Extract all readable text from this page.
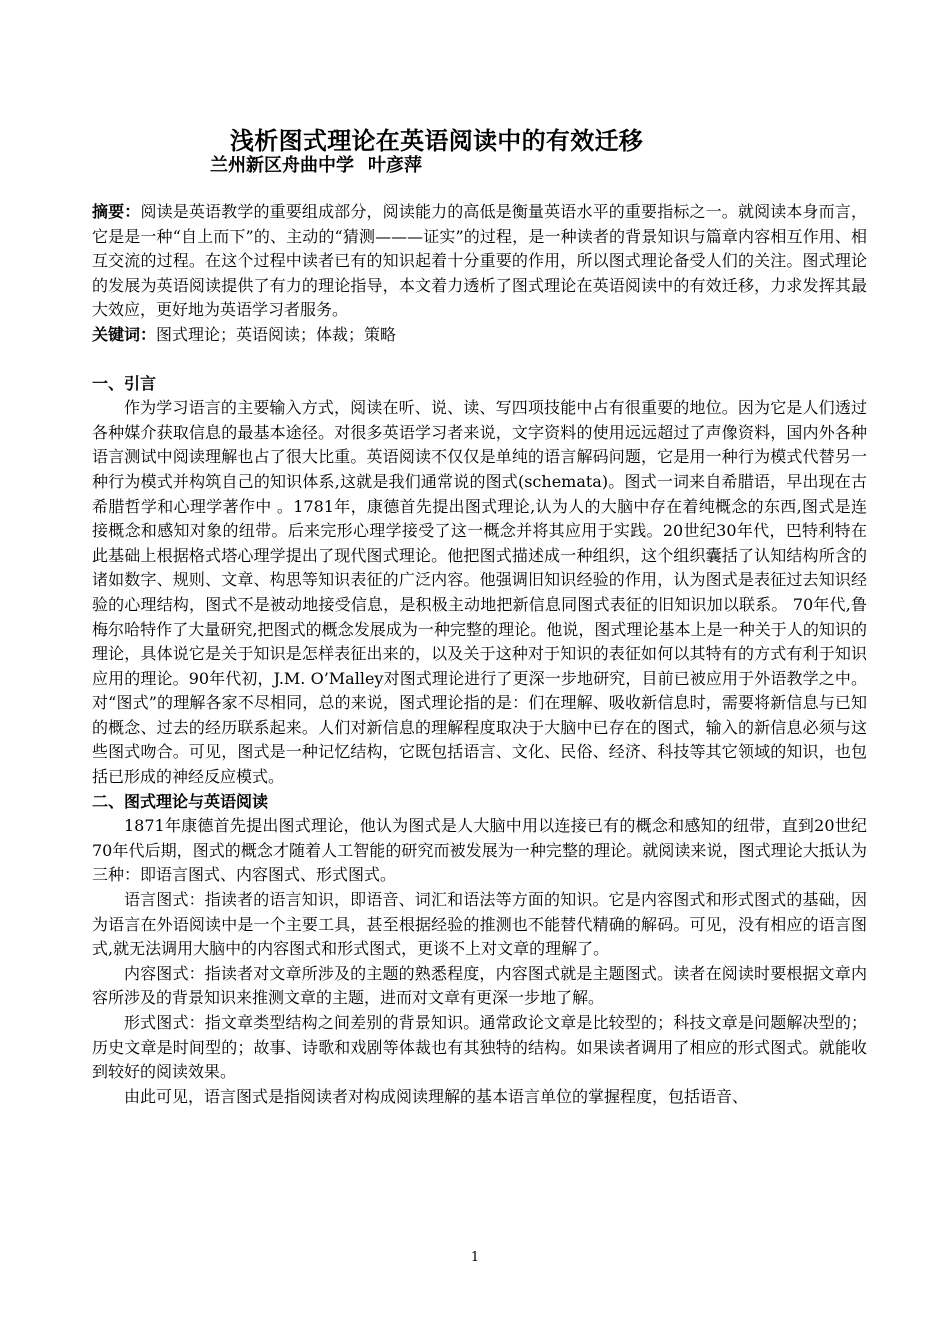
浅析图式理论在英语阅读中的有效迁移
兰州新区舟曲中学 叶彦萍

摘要：阅读是英语教学的重要组成部分，阅读能力的高低是衡量英语水平的重要指标之一。就阅读本身而言，它是是一种“自上而下”的、主动的“猜测———证实”的过程，是一种读者的背景知识与篇章内容相互作用、相互交流的过程。在这个过程中读者已有的知识起着十分重要的作用，所以图式理论备受人们的关注。图式理论的发展为英语阅读提供了有力的理论指导，本文着力透析了图式理论在英语阅读中的有效迁移，力求发挥其最大效应，更好地为英语学习者服务。

关键词：图式理论；英语阅读；体裁；策略

一、引言

作为学习语言的主要输入方式，阅读在听、说、读、写四项技能中占有很重要的地位。因为它是人们透过各种媒介获取信息的最基本途径。对很多英语学习者来说，文字资料的使用远远超过了声像资料，国内外各种语言测试中阅读理解也占了很大比重。英语阅读不仅仅是单纯的语言解码问题，它是用一种行为模式代替另一种行为模式并构筑自己的知识体系,这就是我们通常说的图式(schemata)。图式一词来自希腊语，早出现在古希腊哲学和心理学著作中 。1781年，康德首先提出图式理论,认为人的大脑中存在着纯概念的东西,图式是连接概念和感知对象的纽带。后来完形心理学接受了这一概念并将其应用于实践。20世纪30年代，巴特利特在此基础上根据格式塔心理学提出了现代图式理论。他把图式描述成一种组织，这个组织囊括了认知结构所含的诸如数字、规则、文章、构思等知识表征的广泛内容。他强调旧知识经验的作用，认为图式是表征过去知识经验的心理结构，图式不是被动地接受信息，是积极主动地把新信息同图式表征的旧知识加以联系。 70年代,鲁梅尔哈特作了大量研究,把图式的概念发展成为一种完整的理论。他说，图式理论基本上是一种关于人的知识的理论，具体说它是关于知识是怎样表征出来的，以及关于这种对于知识的表征如何以其特有的方式有利于知识应用的理论。90年代初，J.M. O’Malley对图式理论进行了更深一步地研究，目前已被应用于外语教学之中。对“图式”的理解各家不尽相同，总的来说，图式理论指的是：们在理解、吸收新信息时，需要将新信息与已知的概念、过去的经历联系起来。人们对新信息的理解程度取决于大脑中已存在的图式，输入的新信息必须与这些图式吻合。可见，图式是一种记忆结构，它既包括语言、文化、民俗、经济、科技等其它领域的知识，也包括已形成的神经反应模式。

二、图式理论与英语阅读

1871年康德首先提出图式理论，他认为图式是人大脑中用以连接已有的概念和感知的纽带，直到20世纪70年代后期，图式的概念才随着人工智能的研究而被发展为一种完整的理论。就阅读来说，图式理论大抵认为三种：即语言图式、内容图式、形式图式。

语言图式：指读者的语言知识，即语音、词汇和语法等方面的知识。它是内容图式和形式图式的基础，因为语言在外语阅读中是一个主要工具，甚至根据经验的推测也不能替代精确的解码。可见，没有相应的语言图式,就无法调用大脑中的内容图式和形式图式，更谈不上对文章的理解了。

内容图式：指读者对文章所涉及的主题的熟悉程度，内容图式就是主题图式。读者在阅读时要根据文章内容所涉及的背景知识来推测文章的主题，进而对文章有更深一步地了解。

形式图式：指文章类型结构之间差别的背景知识。通常政论文章是比较型的；科技文章是问题解决型的；历史文章是时间型的；故事、诗歌和戏剧等体裁也有其独特的结构。如果读者调用了相应的形式图式。就能收到较好的阅读效果。

由此可见，语言图式是指阅读者对构成阅读理解的基本语言单位的掌握程度，包括语音、

1
